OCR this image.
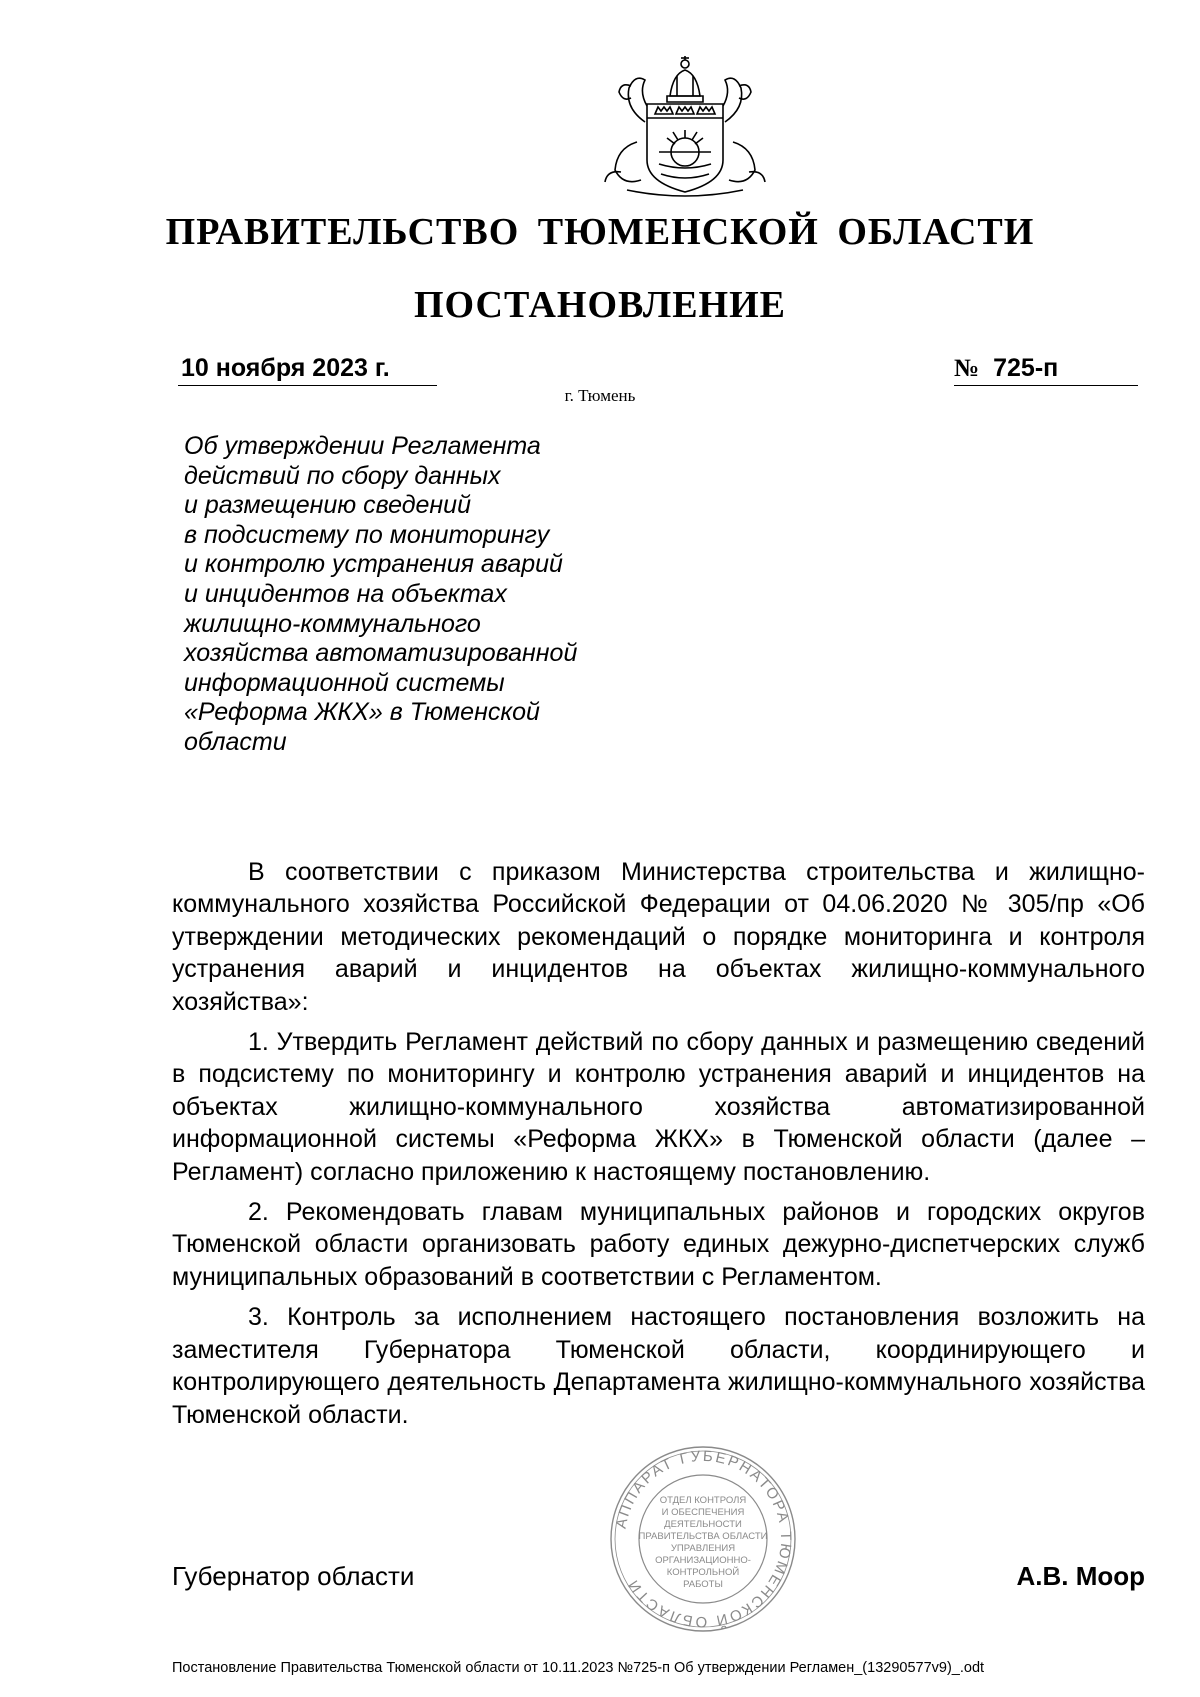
ПРАВИТЕЛЬСТВО ТЮМЕНСКОЙ ОБЛАСТИ
ПОСТАНОВЛЕНИЕ
10 ноября 2023 г.	№ 725-п
г. Тюмень
Об утверждении Регламента
действий по сбору данных
и размещению сведений
в подсистему по мониторингу
и контролю устранения аварий
и инцидентов на объектах
жилищно-коммунального
хозяйства автоматизированной
информационной системы
«Реформа ЖКХ» в Тюменской
области

В соответствии с приказом Министерства строительства и жилищно-коммунального хозяйства Российской Федерации от 04.06.2020 № 305/пр «Об утверждении методических рекомендаций о порядке мониторинга и контроля устранения аварий и инцидентов на объектах жилищно-коммунального хозяйства»:

1. Утвердить Регламент действий по сбору данных и размещению сведений в подсистему по мониторингу и контролю устранения аварий и инцидентов на объектах жилищно-коммунального хозяйства автоматизированной информационной системы «Реформа ЖКХ» в Тюменской области (далее – Регламент) согласно приложению к настоящему постановлению.

2. Рекомендовать главам муниципальных районов и городских округов Тюменской области организовать работу единых дежурно-диспетчерских служб муниципальных образований в соответствии с Регламентом.

3. Контроль за исполнением настоящего постановления возложить на заместителя Губернатора Тюменской области, координирующего и контролирующего деятельность Департамента жилищно-коммунального хозяйства Тюменской области.

АППАРАТ ГУБЕРНАТОРА ТЮМЕНСКОЙ ОБЛАСТИ
ОТДЕЛ КОНТРОЛЯ
И ОБЕСПЕЧЕНИЯ
ДЕЯТЕЛЬНОСТИ
ПРАВИТЕЛЬСТВА ОБЛАСТИ
УПРАВЛЕНИЯ
ОРГАНИЗАЦИОННО-
КОНТРОЛЬНОЙ
РАБОТЫ
Губернатор области	А.В. Моор
Постановление Правительства Тюменской области от 10.11.2023 №725-п Об утверждении Регламен_(13290577v9)_.odt
